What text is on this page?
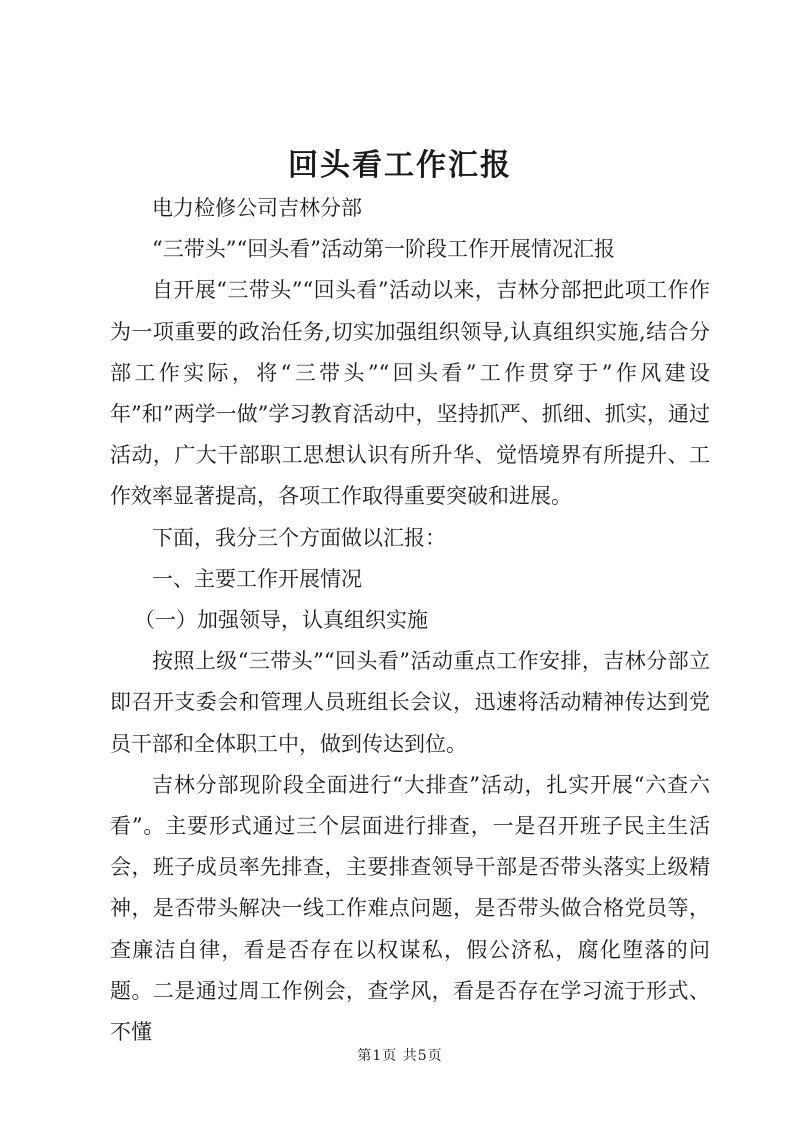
回头看工作汇报

电力检修公司吉林分部

“三带头”“回头看”活动第一阶段工作开展情况汇报

自开展“三带头”“回头看”活动以来，吉林分部把此项工作作为一项重要的政治任务,切实加强组织领导,认真组织实施,结合分部工作实际，将“三带头”“回头看”工作贯穿于”作风建设年”和”两学一做”学习教育活动中，坚持抓严、抓细、抓实，通过活动，广大干部职工思想认识有所升华、觉悟境界有所提升、工作效率显著提高，各项工作取得重要突破和进展。

下面，我分三个方面做以汇报：

一、主要工作开展情况

（一）加强领导，认真组织实施

按照上级“三带头”“回头看”活动重点工作安排，吉林分部立即召开支委会和管理人员班组长会议，迅速将活动精神传达到党员干部和全体职工中，做到传达到位。

吉林分部现阶段全面进行“大排查”活动，扎实开展“六查六看”。主要形式通过三个层面进行排查，一是召开班子民主生活会，班子成员率先排查，主要排查领导干部是否带头落实上级精神，是否带头解决一线工作难点问题，是否带头做合格党员等，查廉洁自律，看是否存在以权谋私，假公济私，腐化堕落的问题。二是通过周工作例会，查学风，看是否存在学习流于形式、不懂

第1页 共5页
